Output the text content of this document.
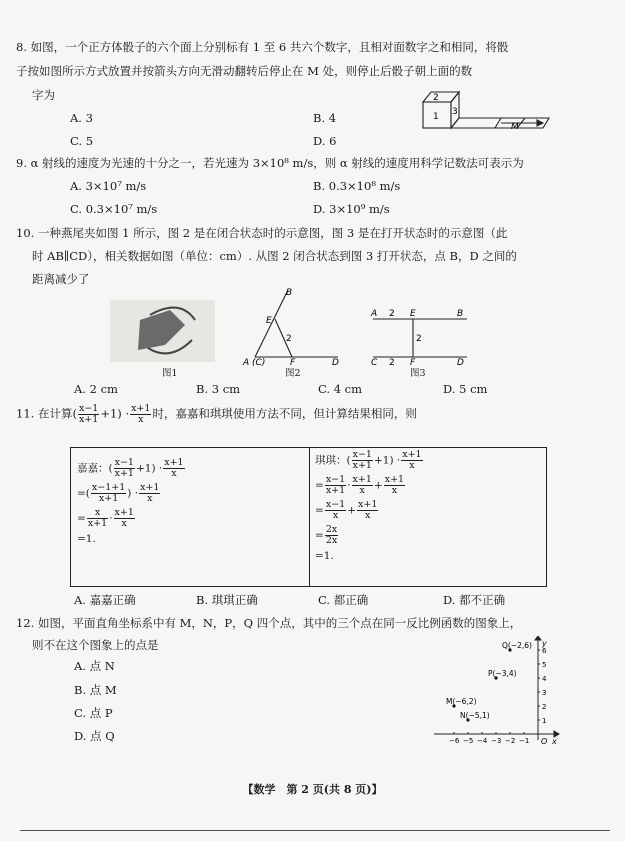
8. 如图，一个正方体骰子的六个面上分别标有 1 至 6 共六个数字，且相对面数字之和相同，将骰
子按如图所示方式放置并按箭头方向无滑动翻转后停止在 M 处，则停止后骰子朝上面的数
字为
A. 3	B. 4
C. 5	D. 6
2
1 3
M
9. α 射线的速度为光速的十分之一，若光速为 3×10⁸ m/s，则 α 射线的速度用科学记数法可表示为
A. 3×10⁷ m/s	B. 0.3×10⁸ m/s
C. 0.3×10⁷ m/s	D. 3×10⁹ m/s
10. 一种燕尾夹如图 1 所示，图 2 是在闭合状态时的示意图，图 3 是在打开状态时的示意图（此
时 AB∥CD），相关数据如图（单位：cm）. 从图 2 闭合状态到图 3 打开状态，点 B，D 之间的
距离减少了
图1
B
E
2
A (C)	F	D
图2
A 2 E	B
2
C 2 F	D
图3
A. 2 cm	B. 3 cm	C. 4 cm	D. 5 cm
11. 在计算( $\frac{x-1}{x+1} +1) \cdot \frac{x+1}{x}$ 时，嘉嘉和琪琪使用方法不同，但计算结果相同，则
嘉嘉：( $\frac{x-1}{x+1} +1) \cdot \frac{x+1}{x}$
=( $\frac{x-1+1}{x+1}$ ) · $\frac{x+1}{x}$
= $\frac{x}{x+1} \cdot \frac{x+1}{x}$
=1.
琪琪：( $\frac{x-1}{x+1} +1) \cdot \frac{x+1}{x}$
= $\frac{x-1}{x+1} \cdot \frac{x+1}{x} + \frac{x+1}{x}$
= $\frac{x-1}{x} + \frac{x+1}{x}$
= $\frac{2x}{2x}$
=1.
A. 嘉嘉正确	B. 琪琪正确	C. 都正确	D. 都不正确
12. 如图，平面直角坐标系中有 M，N，P，Q 四个点，其中的三个点在同一反比例函数的图象上，
则不在这个图象上的点是
A. 点 N
B. 点 M
C. 点 P
D. 点 Q
y
x
O
−6 −5 −4 −3 −2 −1
6
5
4
3
2
1
Q(−2,6)
P(−3,4)
M(−6,2)
N(−5,1)
【数学　第 2 页(共 8 页)】
